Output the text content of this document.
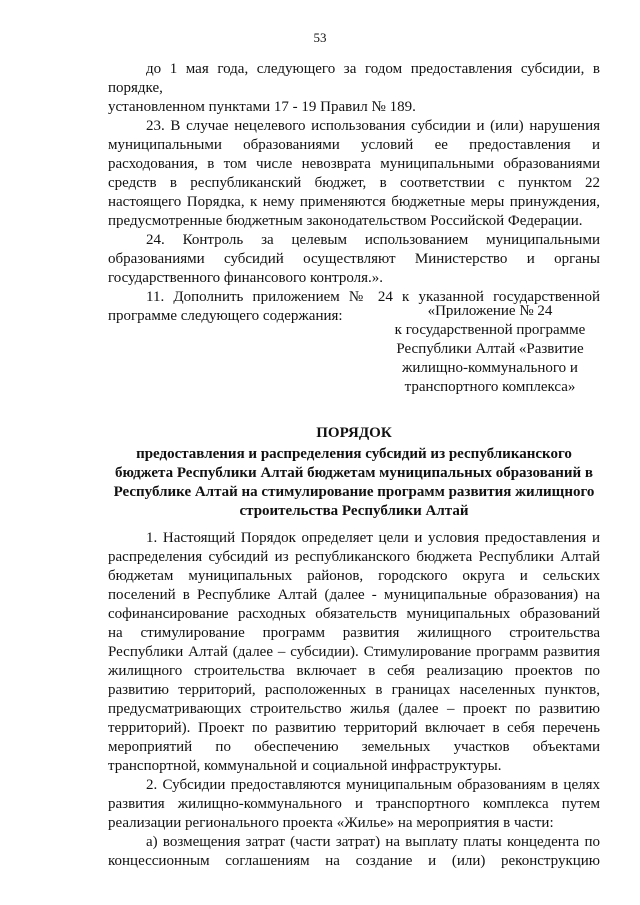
53

до 1 мая года, следующего за годом предоставления субсидии, в порядке,

установленном пунктами 17 - 19 Правил № 189.

23. В случае нецелевого использования субсидии и (или) нарушения

муниципальными образованиями условий ее предоставления и

расходования, в том числе невозврата муниципальными образованиями

средств в республиканский бюджет, в соответствии с пунктом 22

настоящего Порядка, к нему применяются бюджетные меры принуждения,

предусмотренные бюджетным законодательством Российской Федерации.

24. Контроль за целевым использованием муниципальными

образованиями субсидий осуществляют Министерство и органы

государственного финансового контроля.».

11. Дополнить приложением № 24 к указанной государственной

программе следующего содержания:	«Приложение № 24
к государственной программе
Республики Алтай «Развитие
жилищно-коммунального и
транспортного комплекса»
ПОРЯДОК
предоставления и распределения субсидий из республиканского
бюджета Республики Алтай бюджетам муниципальных образований в
Республике Алтай на стимулирование программ развития жилищного
строительства Республики Алтай

1. Настоящий Порядок определяет цели и условия предоставления и

распределения субсидий из республиканского бюджета Республики Алтай

бюджетам муниципальных районов, городского округа и сельских

поселений в Республике Алтай (далее - муниципальные образования) на

софинансирование расходных обязательств муниципальных образований

на стимулирование программ развития жилищного строительства

Республики Алтай (далее – субсидии). Стимулирование программ развития

жилищного строительства включает в себя реализацию проектов по

развитию территорий, расположенных в границах населенных пунктов,

предусматривающих строительство жилья (далее – проект по развитию

территорий). Проект по развитию территорий включает в себя перечень

мероприятий по обеспечению земельных участков объектами

транспортной, коммунальной и социальной инфраструктуры.

2. Субсидии предоставляются муниципальным образованиям в целях

развития жилищно-коммунального и транспортного комплекса путем

реализации регионального проекта «Жилье» на мероприятия в части:

а) возмещения затрат (части затрат) на выплату платы концедента по

концессионным соглашениям на создание и (или) реконструкцию
